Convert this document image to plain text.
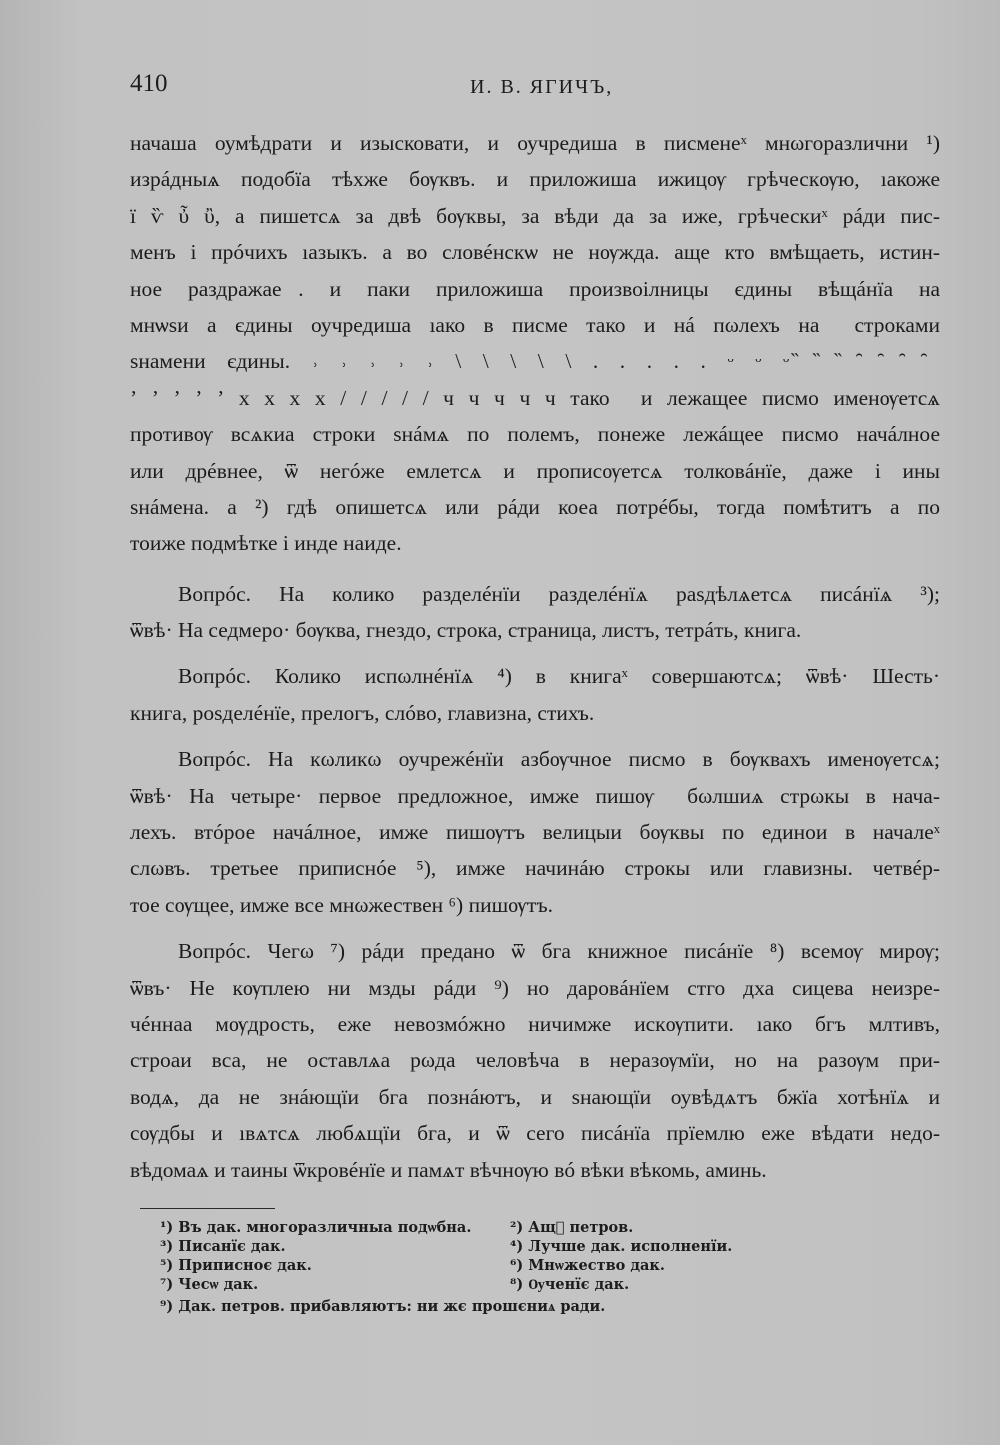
410	И. В. ЯГИЧЪ,
начаша оумѣдрати и изысковати, и оучредиша в писменеˣ мнωгоразлични ¹)
изрáдныѧ подобїа тѣхже бѹквъ. и приложиша ижицѹ грѣческѹю, ıакоже
ї ѷ ὖ ὒ, а пишетсѧ за двѣ бѹквы, за вѣди да за иже, грѣческиˣ рáди пис-
менъ і прóчихъ ıазыкъ. а во словéнскѡ не нѹжда. аще кто вмѣщаеть, истин-
ное раздражаеⷮ. и паки приложиша произвоілницы єдины вѣщáнїа на
мнѡѕи а єдины оучредиша ıако в писме тако и нá пωлехъ наⷣ строками
ѕнамени єдины. ˒ ˒ ˒ ˒ ˒ \ \ \ \ \ . . . . . ᵕ ᵕ ᵕ ̏ ̏ ̏ ̑ ̑ ̑ ̑
ʼ ʼ ʼ ʼ ʼ x x x x / / / / / ч ч ч ч ч такоⷤ и лежащее писмо именѹетсѧ
противѹ всѧкиа строки ѕнáмѧ по полемъ, понеже лежáщее писмо начáлное
или дрéвнее, ѿ негóже емлетсѧ и прописѹетсѧ толковáнїе, даже і ины
ѕнáмена. а ²) гдѣ опишетсѧ или рáди коеа потрéбы, тогда помѣтитъ а по
тоиже подмѣтке і инде наиде.
Вопрóс. На колико разделéнїи разделéнїѧ раѕдѣлѧетсѧ писáнїѧ ³);
ѿвѣ· На седмеро· бѹква, гнездо, строка, страница, листъ, тетрáть, книга.
Вопрóс. Колико испωлнéнїѧ ⁴) в книгаˣ совершаютсѧ; ѿвѣ· Шесть·
книга, роѕделéнїе, прелогъ, слóво, главизна, стихъ.
Вопрóс. На кωликω оучрежéнїи азбѹчное писмо в бѹквахъ именѹетсѧ;
ѿвѣ· На четыре· первое предложное, имже пишѹⷮ бωлшиѧ стрωкы в нача-
лехъ. втóрое начáлное, имже пишѹтъ велицыи бѹквы по единои в началеˣ
слωвъ. третьее приписнóе ⁵), имже начинáю строкы или главизны. четвéр-
тое сѹщее, имже все мнωжествен ⁶) пишѹтъ.
Вопрóс. Чегω ⁷) рáди предано ѿ бга книжное писáнїе ⁸) всемѹ мирѹ;
ѿвъ· Не кѹплею ни мзды рáди ⁹) но даровáнїем стго дха сицева неизре-
чéннаа мѹдрость, еже невозмóжно ничимже искѹпити. ıако бгъ млтивъ,
строаи вса, не оставлѧа рωда человѣча в неразѹмїи, но на разѹм при-
водѧ, да не знáющїи бга познáютъ, и ѕнающїи оувѣдѧтъ бжїа хотѣнїѧ и
сѹдбы и ıвѧтсѧ любѧщїи бга, и ѿ сего писáнїа прїемлю еже вѣдати недо-
вѣдомаѧ и таины ѿкровéнїе и памѧт вѣчнѹю вó вѣки вѣкомь, аминь.
¹) Въ дак. многоразличныа подѡбна.	²) Ащⷤ петров.
³) Писанїє дак.	⁴) Лучше дак. исполненїи.
⁵) Приписноє дак.	⁶) Мнѡжество дак.
⁷) Чесѡ дак.	⁸) Ѹченїє дак.
⁹) Дак. петров. прибавляютъ: ни жє прошєниѧ ради.
